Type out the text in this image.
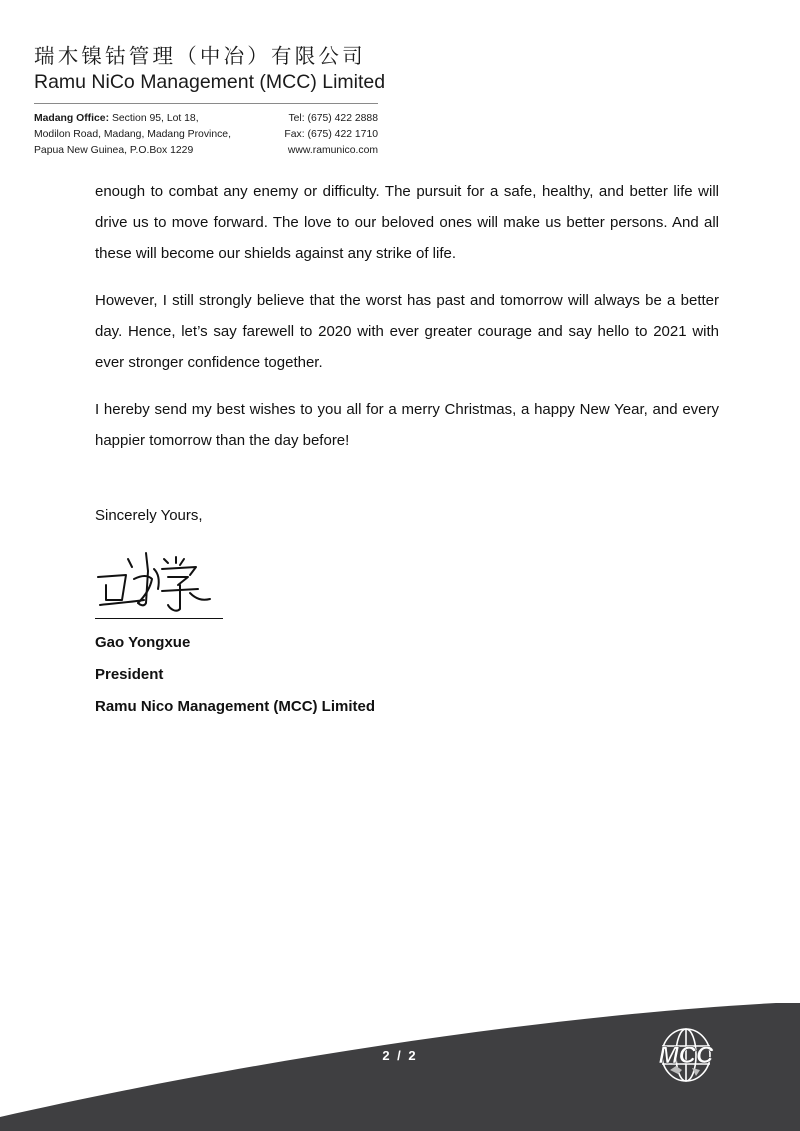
瑞木镍钴管理（中冶）有限公司
Ramu NiCo Management (MCC) Limited
Madang Office: Section 95, Lot 18,
Modilon Road, Madang, Madang Province,
Papua New Guinea, P.O.Box 1229
Tel: (675) 422 2888
Fax: (675) 422 1710
www.ramunico.com

enough to combat any enemy or difficulty. The pursuit for a safe, healthy, and better life will drive us to move forward. The love to our beloved ones will make us better persons. And all these will become our shields against any strike of life.

However, I still strongly believe that the worst has past and tomorrow will always be a better day. Hence, let’s say farewell to 2020 with ever greater courage and say hello to 2021 with ever stronger confidence together.

I hereby send my best wishes to you all for a merry Christmas, a happy New Year, and every happier tomorrow than the day before!

Sincerely Yours,
Gao Yongxue
President
Ramu Nico Management (MCC) Limited
2 / 2	MCC
